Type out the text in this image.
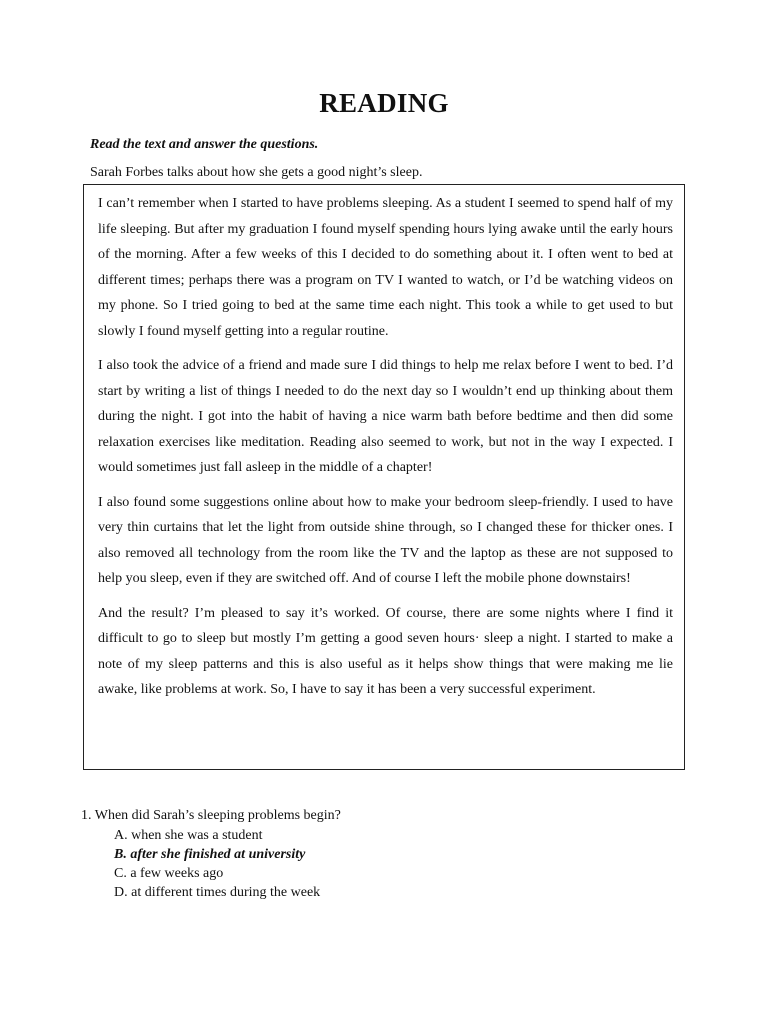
READING
Read the text and answer the questions.
Sarah Forbes talks about how she gets a good night’s sleep.

I can’t remember when I started to have problems sleeping. As a student I seemed to spend half of my life sleeping. But after my graduation I found myself spending hours lying awake until the early hours of the morning. After a few weeks of this I decided to do something about it. I often went to bed at different times; perhaps there was a program on TV I wanted to watch, or I’d be watching videos on my phone. So I tried going to bed at the same time each night. This took a while to get used to but slowly I found myself getting into a regular routine.

I also took the advice of a friend and made sure I did things to help me relax before I went to bed. I’d start by writing a list of things I needed to do the next day so I wouldn’t end up thinking about them during the night. I got into the habit of having a nice warm bath before bedtime and then did some relaxation exercises like meditation. Reading also seemed to work, but not in the way I expected. I would sometimes just fall asleep in the middle of a chapter!

I also found some suggestions online about how to make your bedroom sleep-friendly. I used to have very thin curtains that let the light from outside shine through, so I changed these for thicker ones. I also removed all technology from the room like the TV and the laptop as these are not supposed to help you sleep, even if they are switched off. And of course I left the mobile phone downstairs!

And the result? I’m pleased to say it’s worked. Of course, there are some nights where I find it difficult to go to sleep but mostly I’m getting a good seven hours· sleep a night. I started to make a note of my sleep patterns and this is also useful as it helps show things that were making me lie awake, like problems at work. So, I have to say it has been a very successful experiment.

1. When did Sarah’s sleeping problems begin?
A. when she was a student
B. after she finished at university
C. a few weeks ago
D. at different times during the week
